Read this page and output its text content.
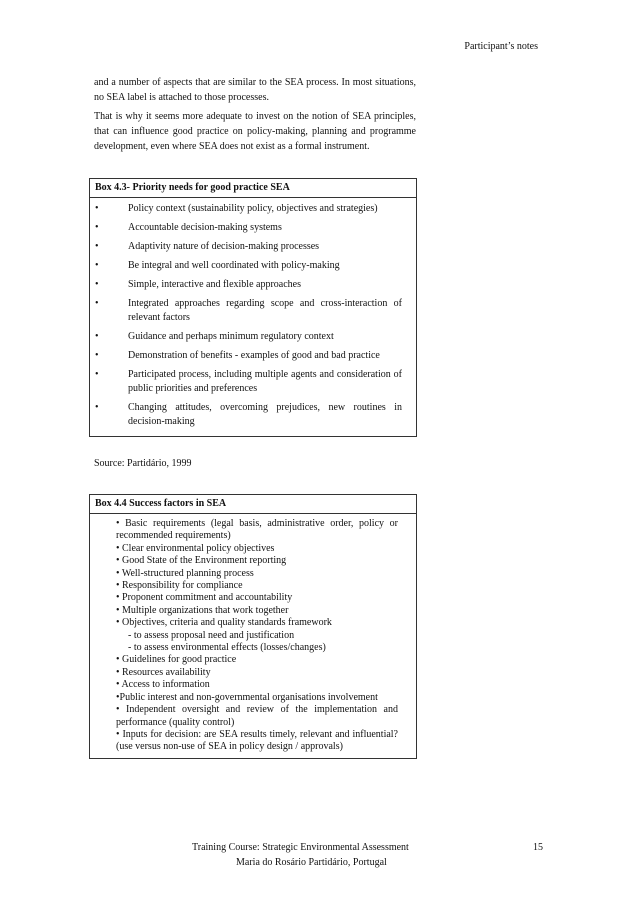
Participant’s notes

and a number of aspects that are similar to the SEA process. In most situations, no SEA label is attached to those processes.

That is why it seems more adequate to invest on the notion of SEA principles, that can influence good practice on policy-making, planning and programme development, even where SEA does not exist as a formal instrument.

Box 4.3- Priority needs for good practice SEA
•	Policy context (sustainability policy, objectives and strategies)
•	Accountable decision-making systems
•	Adaptivity nature of decision-making processes
•	Be integral and well coordinated with policy-making
•	Simple, interactive and flexible approaches
•	Integrated approaches regarding scope and cross-interaction of relevant factors
•	Guidance and perhaps minimum regulatory context
•	Demonstration of benefits - examples of good and bad practice
•	Participated process, including multiple agents and consideration of public priorities and preferences
•	Changing attitudes, overcoming prejudices, new routines in decision-making
Source: Partidário, 1999
Box 4.4 Success factors in SEA
• Basic requirements (legal basis, administrative order, policy or recommended requirements)
• Clear environmental policy objectives
• Good State of the Environment reporting
• Well-structured planning process
• Responsibility for compliance
• Proponent commitment and accountability
• Multiple organizations that work together
• Objectives, criteria and quality standards framework
- to assess proposal need and justification
- to assess environmental effects (losses/changes)
• Guidelines for good practice
• Resources availability
• Access to information
•Public interest and non-governmental organisations involvement
• Independent oversight and review of the implementation and performance (quality control)
• Inputs for decision: are SEA results timely, relevant and influential? (use versus non-use of SEA in policy design / approvals)
Training Course: Strategic Environmental Assessment
Maria do Rosário Partidário, Portugal
15
